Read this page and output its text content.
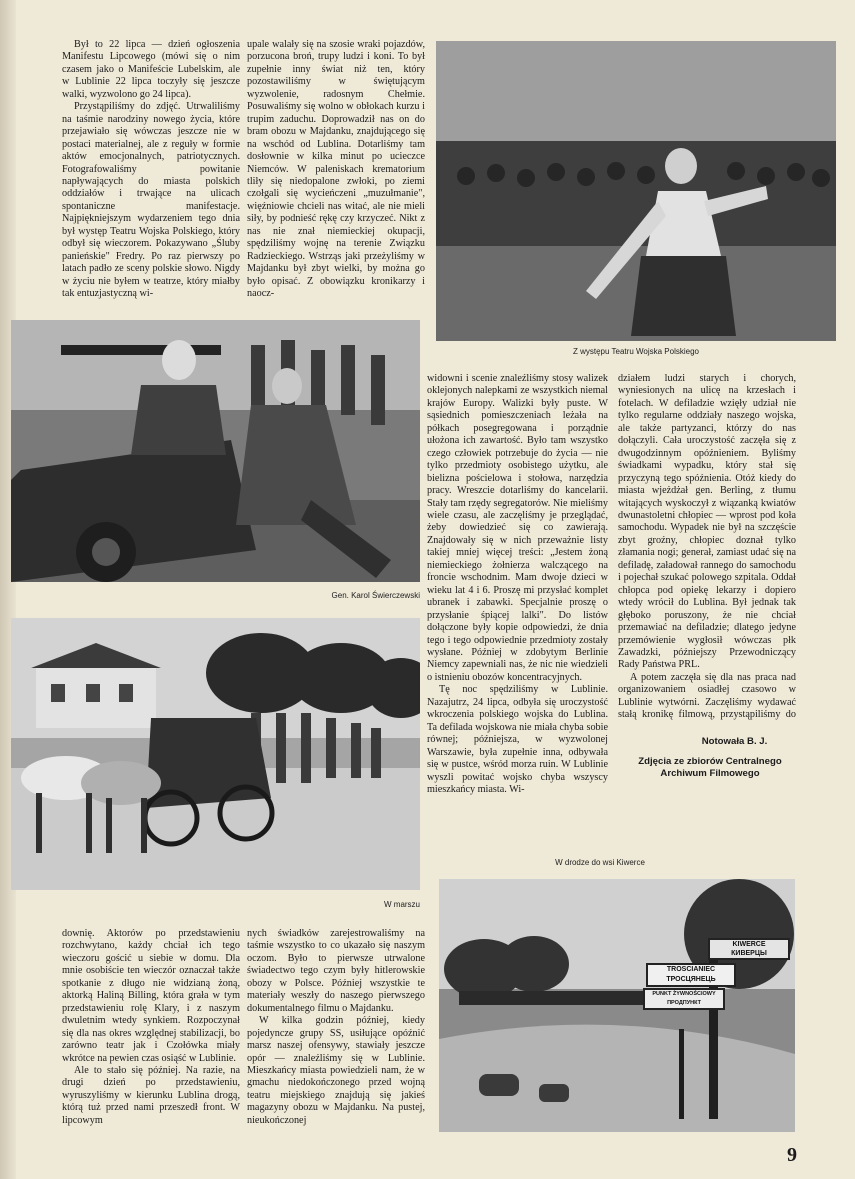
Był to 22 lipca — dzień ogłoszenia Manifestu Lipcowego (mówi się o nim czasem jako o Manifeście Lubelskim, ale w Lublinie 22 lipca toczyły się jeszcze walki, wyzwolono go 24 lipca).

Przystąpiliśmy do zdjęć. Utrwaliliśmy na taśmie narodziny nowego życia, które przejawiało się wówczas jeszcze nie w postaci materialnej, ale z reguły w formie aktów emocjonalnych, patriotycznych. Fotografowaliśmy powitanie napływających do miasta polskich oddziałów i trwające na ulicach spontaniczne manifestacje. Najpiękniejszym wydarzeniem tego dnia był występ Teatru Wojska Polskiego, który odbył się wieczorem. Pokazywano „Śluby panieńskie" Fredry. Po raz pierwszy po latach padło ze sceny polskie słowo. Nigdy w życiu nie byłem w teatrze, który miałby tak entuzjastyczną wi-

upale walały się na szosie wraki pojazdów, porzucona broń, trupy ludzi i koni. To był zupełnie inny świat niż ten, który pozostawiliśmy w świętującym wyzwolenie, radosnym Chełmie. Posuwaliśmy się wolno w obłokach kurzu i trupim zaduchu. Doprowadził nas on do bram obozu w Majdanku, znajdującego się na wschód od Lublina. Dotarliśmy tam dosłownie w kilka minut po ucieczce Niemców. W paleniskach krematorium tliły się niedopalone zwłoki, po ziemi czołgali się wycieńczeni „muzułmanie", więźniowie chcieli nas witać, ale nie mieli siły, by podnieść rękę czy krzyczeć. Nikt z nas nie znał niemieckiej okupacji, spędziliśmy wojnę na terenie Związku Radzieckiego. Wstrząs jaki przeżyliśmy w Majdanku był zbyt wielki, by można go było opisać. Z obowiązku kronikarzy i naocz-

Z występu Teatru Wojska Polskiego
Gen. Karol Świerczewski
W marszu

widowni i scenie znaleźliśmy stosy walizek oklejonych nalepkami ze wszystkich niemal krajów Europy. Walizki były puste. W sąsiednich pomieszczeniach leżała na półkach posegregowana i porządnie ułożona ich zawartość. Było tam wszystko czego człowiek potrzebuje do życia — nie tylko przedmioty osobistego użytku, ale bielizna pościelowa i stołowa, narzędzia pracy. Wreszcie dotarliśmy do kancelarii. Stały tam rzędy segregatorów. Nie mieliśmy wiele czasu, ale zaczęliśmy je przeglądać, żeby dowiedzieć się co zawierają. Znajdowały się w nich przeważnie listy takiej mniej więcej treści: „Jestem żoną niemieckiego żołnierza walczącego na froncie wschodnim. Mam dwoje dzieci w wieku lat 4 i 6. Proszę mi przysłać komplet ubranek i zabawki. Specjalnie proszę o przysłanie śpiącej lalki". Do listów dołączone były kopie odpowiedzi, że dnia tego i tego odpowiednie przedmioty zostały wysłane. Później w zdobytym Berlinie Niemcy zapewniali nas, że nic nie wiedzieli o istnieniu obozów koncentracyjnych.

Tę noc spędziliśmy w Lublinie. Nazajutrz, 24 lipca, odbyła się uroczystość wkroczenia polskiego wojska do Lublina. Ta defilada wojskowa nie miała chyba sobie równej; późniejsza, w wyzwolonej Warszawie, była zupełnie inna, odbywała się w pustce, wśród morza ruin. W Lublinie wyszli powitać wojsko chyba wszyscy mieszkańcy miasta. Wi-

działem ludzi starych i chorych, wyniesionych na ulicę na krzesłach i fotelach. W defiladzie wzięły udział nie tylko regularne oddziały naszego wojska, ale także partyzanci, którzy do nas dołączyli. Cała uroczystość zaczęła się z dwugodzinnym opóźnieniem. Byliśmy świadkami wypadku, który stał się przyczyną tego spóźnienia. Otóż kiedy do miasta wjeżdżał gen. Berling, z tłumu witających wyskoczył z wiązanką kwiatów dwunastoletni chłopiec — wprost pod koła samochodu. Wypadek nie był na szczęście zbyt groźny, chłopiec doznał tylko złamania nogi; generał, zamiast udać się na defiladę, załadował rannego do samochodu i pojechał szukać polowego szpitala. Oddał chłopca pod opiekę lekarzy i dopiero wtedy wrócił do Lublina. Był jednak tak głęboko poruszony, że nie chciał przemawiać na defiladzie; dlatego jedyne przemówienie wygłosił wówczas płk Zawadzki, późniejszy Przewodniczący Rady Państwa PRL.

A potem zaczęła się dla nas praca nad organizowaniem osiadłej czasowo w Lublinie wytwórni. Zaczęliśmy wydawać stałą kronikę filmową, przystąpiliśmy do

Notowała B. J.
Zdjęcia ze zbiorów Centralnego
Archiwum Filmowego
W drodze do wsi Kiwerce
KIWERCE
КИВЕРЦЫ
TROSCIANIEC
ТРОСЦЯНЕЦЬ
PUNKT ŻYWNOŚCIOWY
ПРОДПУНКТ

downię. Aktorów po przedstawieniu rozchwytano, każdy chciał ich tego wieczoru gościć u siebie w domu. Dla mnie osobiście ten wieczór oznaczał także spotkanie z długo nie widzianą żoną, aktorką Haliną Billing, która grała w tym przedstawieniu rolę Klary, i z naszym dwuletnim wtedy synkiem. Rozpoczynał się dla nas okres względnej stabilizacji, bo zarówno teatr jak i Czołówka miały wkrótce na pewien czas osiąść w Lublinie.

Ale to stało się później. Na razie, na drugi dzień po przedstawieniu, wyruszyliśmy w kierunku Lublina drogą, którą tuż przed nami przeszedł front. W lipcowym

nych świadków zarejestrowaliśmy na taśmie wszystko to co ukazało się naszym oczom. Było to pierwsze utrwalone świadectwo tego czym były hitlerowskie obozy w Polsce. Później wszystkie te materiały weszły do naszego pierwszego dokumentalnego filmu o Majdanku.

W kilka godzin później, kiedy pojedyncze grupy SS, usiłujące opóźnić marsz naszej ofensywy, stawiały jeszcze opór — znaleźliśmy się w Lublinie. Mieszkańcy miasta powiedzieli nam, że w gmachu niedokończonego przed wojną teatru miejskiego znajdują się jakieś magazyny obozu w Majdanku. Na pustej, nieukończonej

9
